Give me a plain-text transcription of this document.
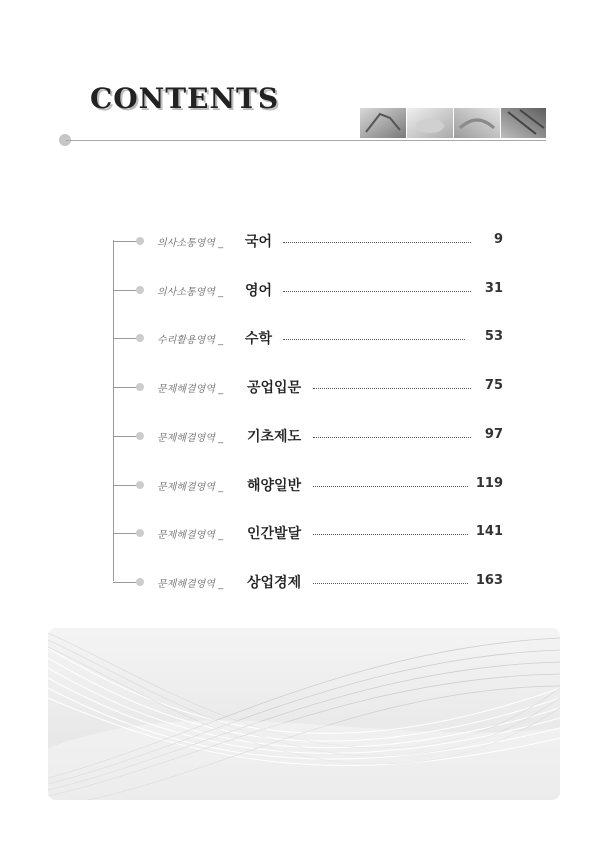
CONTENTS
의사소통영역 _ 국어	9
의사소통영역 _ 영어	31
수리활용영역 _ 수학	53
문제해결영역 _ 공업입문	75
문제해결영역 _ 기초제도	97
문제해결영역 _ 해양일반	119
문제해결영역 _ 인간발달	141
문제해결영역 _ 상업경제	163
